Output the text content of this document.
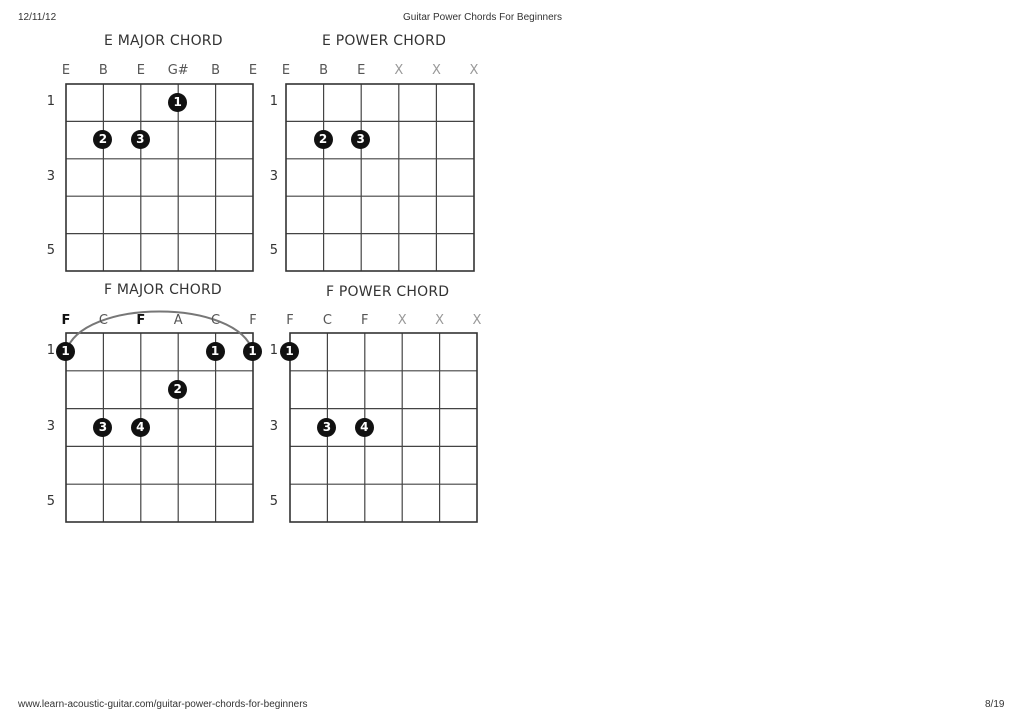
12/11/12	Guitar Power Chords For Beginners
E MAJOR CHORD
E	B	E	G#	B	E
1
3
5
1
2	3
E POWER CHORD
E	B	E	X	X	X
1
3
5
2	3
F MAJOR CHORD
F	C	F	A	C	F
1
3
5
1	1	1
2
3	4
F POWER CHORD
F	C	F	X	X	X
1
3
5
1
3	4
www.learn-acoustic-guitar.com/guitar-power-chords-for-beginners	8/19
